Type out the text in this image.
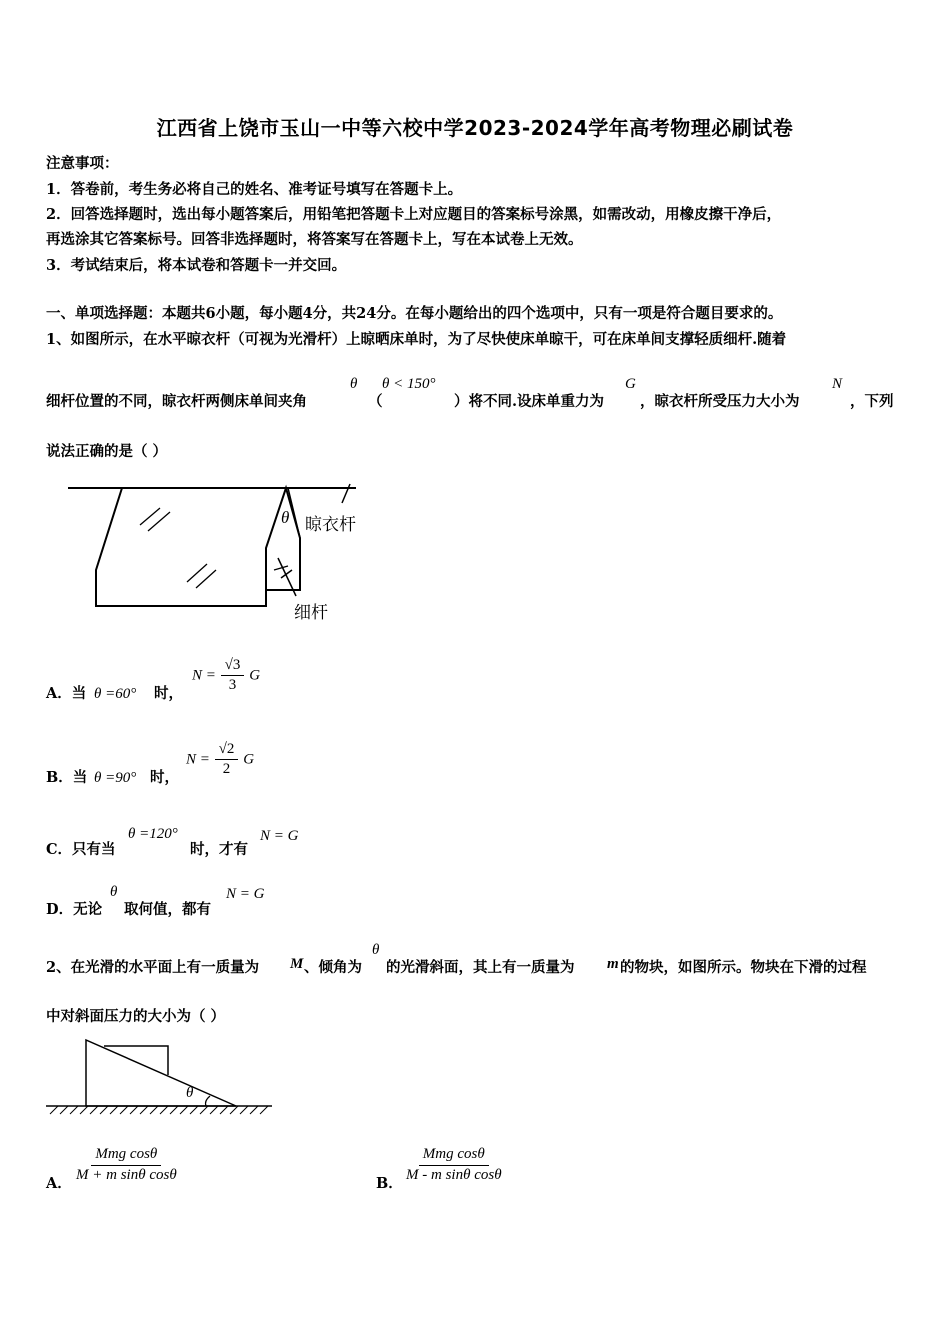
江西省上饶市玉山一中等六校中学2023-2024学年高考物理必刷试卷
注意事项：
1．答卷前，考生务必将自己的姓名、准考证号填写在答题卡上。
2．回答选择题时，选出每小题答案后，用铅笔把答题卡上对应题目的答案标号涂黑，如需改动，用橡皮擦干净后，
再选涂其它答案标号。回答非选择题时，将答案写在答题卡上，写在本试卷上无效。
3．考试结束后，将本试卷和答题卡一并交回。
一、单项选择题：本题共6小题，每小题4分，共24分。在每小题给出的四个选项中，只有一项是符合题目要求的。
1、如图所示，在水平晾衣杆（可视为光滑杆）上晾晒床单时，为了尽快使床单晾干，可在床单间支撑轻质细杆.随着
细杆位置的不同，晾衣杆两侧床单间夹角
θ
（
θ < 150°
）将不同.设床单重力为
G
，晾衣杆所受压力大小为
N
，下列
说法正确的是（ ）
θ 晾衣杆
细杆
A．当 θ =60° 时，
$N = \frac{√3}{3}$ G
B．当 θ =90° 时，
$N = \frac{√2}{2}$ G
C．只有当
θ =120°
时，才有
N = G
D．无论
θ
取何值，都有
N = G
2、在光滑的水平面上有一质量为 M 、倾角为
θ
的光滑斜面，其上有一质量为 m 的物块，如图所示。物块在下滑的过程
中对斜面压力的大小为（ ）
θ
A． $\frac{\text{Mmg cosθ}}{\text{M + m sinθ cosθ}}$	B． $\frac{\text{Mmg cosθ}}{\text{M - m sinθ cosθ}}$
